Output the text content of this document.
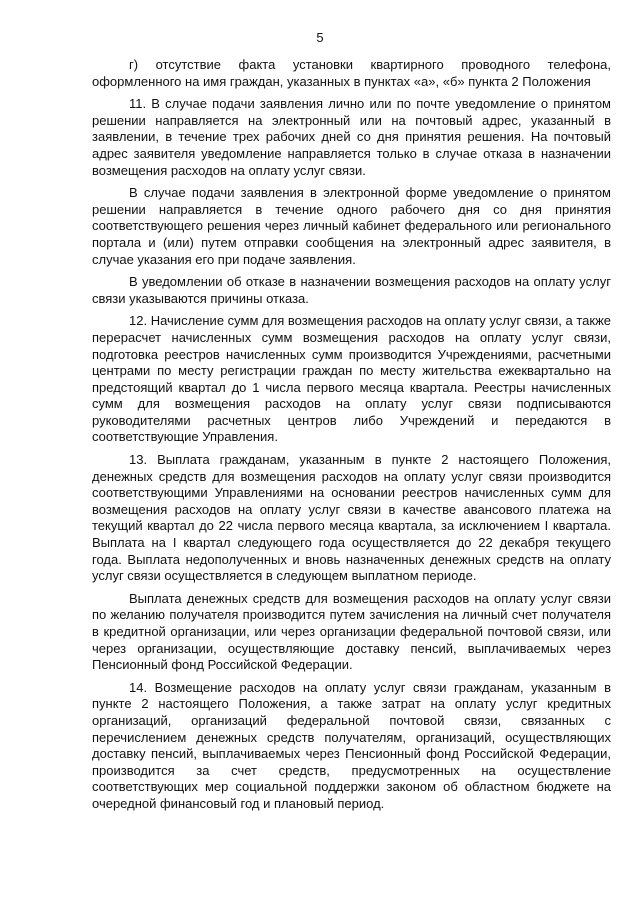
5

г) отсутствие факта установки квартирного проводного телефона, оформленного на имя граждан, указанных в пунктах «а», «б» пункта 2 Положения

11. В случае подачи заявления лично или по почте уведомление о принятом решении направляется на электронный или на почтовый адрес, указанный в заявлении, в течение трех рабочих дней со дня принятия решения. На почтовый адрес заявителя уведомление направляется только в случае отказа в назначении возмещения расходов на оплату услуг связи.

В случае подачи заявления в электронной форме уведомление о принятом решении направляется в течение одного рабочего дня со дня принятия соответствующего решения через личный кабинет федерального или регионального портала и (или) путем отправки сообщения на электронный адрес заявителя, в случае указания его при подаче заявления.

В уведомлении об отказе в назначении возмещения расходов на оплату услуг связи указываются причины отказа.

12. Начисление сумм для возмещения расходов на оплату услуг связи, а также перерасчет начисленных сумм возмещения расходов на оплату услуг связи, подготовка реестров начисленных сумм производится Учреждениями, расчетными центрами по месту регистрации граждан по месту жительства ежеквартально на предстоящий квартал до 1 числа первого месяца квартала. Реестры начисленных сумм для возмещения расходов на оплату услуг связи подписываются руководителями расчетных центров либо Учреждений и передаются в соответствующие Управления.

13. Выплата гражданам, указанным в пункте 2 настоящего Положения, денежных средств для возмещения расходов на оплату услуг связи производится соответствующими Управлениями на основании реестров начисленных сумм для возмещения расходов на оплату услуг связи в качестве авансового платежа на текущий квартал до 22 числа первого месяца квартала, за исключением I квартала. Выплата на I квартал следующего года осуществляется до 22 декабря текущего года. Выплата недополученных и вновь назначенных денежных средств на оплату услуг связи осуществляется в следующем выплатном периоде.

Выплата денежных средств для возмещения расходов на оплату услуг связи по желанию получателя производится путем зачисления на личный счет получателя в кредитной организации, или через организации федеральной почтовой связи, или через организации, осуществляющие доставку пенсий, выплачиваемых через Пенсионный фонд Российской Федерации.

14. Возмещение расходов на оплату услуг связи гражданам, указанным в пункте 2 настоящего Положения, а также затрат на оплату услуг кредитных организаций, организаций федеральной почтовой связи, связанных с перечислением денежных средств получателям, организаций, осуществляющих доставку пенсий, выплачиваемых через Пенсионный фонд Российской Федерации, производится за счет средств, предусмотренных на осуществление соответствующих мер социальной поддержки законом об областном бюджете на очередной финансовый год и плановый период.
